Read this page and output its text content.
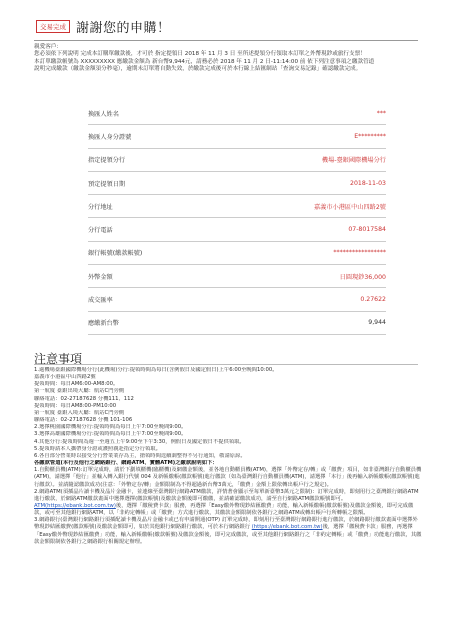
交易完成 謝謝您的申購！
親愛客戶：
您必須依下列說明 完成本訂購單繳款後，才可於 指定提領日 2018 年 11 月 3 日 至所述提領分行領取本訂單之外幣現鈔或旅行支票！
本訂單繳款帳號為 XXXXXXXXX 應繳款金額為 新台幣9,944元，請務必於 2018 年 11 月 2 日-11:14:00 前 依下列注意事項之繳款管道
說明完成繳款（繳款金額須分秒毫），逾期未訂單將自動失效，於繳款完成後可於本行線上結匯網站「查詢交易記錄」確認繳款完成。
換匯人姓名	***
換匯人身分證號	E*********
指定提領分行	機場-臺銀國際機場分行
預定提領日期	2018-11-03
分行地址	嘉義市小港區中山四路2號
分行電話	07-8017584
銀行帳號(繳款帳號)	*****************
外幣金額	日圓現鈔36,000
成交匯率	0.27622
應繳新台幣	9,944
注意事項
1.逾機場臺銀國際機場分行(此機場)分行:提領時間為每日(含例假日及國定假日)上午6:00至晚間10:00。
嘉義市小港區中山四路2號
提領時間：每日AM6:00-AM8:00。
第一航廈 臺銀出境大廳：航站C門旁側
聯絡電話：02-27187628 分機111、112
提領時間：每日AM8:00-PM10:00
第一航廈 臺銀入境大廳：航站C門旁側
聯絡電話：02-27187628 分機 101-106
2.選擇桃園國際機場分行:提領時間為每日上午7:00至晚間9:00。
3.選擇高雄國際機場分行:提領時間為每日上午7:00至晚間9:00。
4.其他分行:提領時間為週一至週五上午9:00至下午3:30，例假日及國定假日不提供領取。
5.提領時請本人攜帶身分證或護照親赴指定分行領取。
6.各自部分營業時以接受分行營業業存為主，搶領時間逕續調整得不另行通知，敬請原諒。
各繳款管道(本行及他行之網路銀行、網路ATM、實體ATM)之繳款說明如下：
1.自動櫃員機(ATM):訂單完成時，請於下劃填櫃機(臨櫃機)及網繳金額後，並各地自動櫃員機(ATM)，選擇「外幣定存/轉」或「繳費」項目，如非臺灣銀行自動櫃員機(ATM)，請選擇「他行」並輸入轉入銀行代號 004 及新帳繳帳(繳款帳號)進行繳款（如為臺灣銀行自動櫃員機(ATM)，請選擇「本行」後再輸入新帳繳帳(繳款帳號)進行繳款）。並請隨認繳款成功(注意：「外幣定存/轉」金額限制為不得超過新台幣3萬元，「繳費」金額上限依轉出帳戶行之規定)。
2.網路ATM(須插晶片讀卡機及晶片金融卡，並連線至臺灣銀行網路ATM繳款，詳情著會顯示至每單新臺幣3萬元之限制)：訂單完成時，即刻用行之臺灣銀行網路ATM進行繳款，於網路ATM繳款畫面中選擇選擇(繳款帳號)及繳款金額後即可繳繳，並請確認繳款成功，請至自行網路ATM繳款帳號即可。 ATM(https://ebank.bot.com.tw)後，選擇「繳稅費卡款」服務，再選擇「Easy繳外幣現鈔結匯繳費」功能，輸入新帳繳帳(繳款帳號)及繳款金額後，即可完成繳款，或可至其他銀行網路ATM，以「非約定轉帳」或「繳費」方式進行繳款，其繳款金額限制依各銀行之網路ATM或轉出帳戶行所轉帳之限額。
3.網路銀行(臺灣銀行網路銀行須插配讀卡機及晶片金融卡或已有申請開通(OTP) 訂單完成時，即刻用行至臺灣銀行網路銀行進行繳款，於網路銀行繳款畫面中選擇外幣現鈔結匯繳費(繳款帳號)及繳款金額即可，如於其他銀行網路銀行繳款，可於本行網路銀行 (https://ebank.bot.com.tw)後，選擇「繳稅費卡款」服務，再選擇「Easy繳外幣現鈔結匯繳費」功能，輸入新帳繳帳(繳款帳號)及繳款金額後，即可完成繳款，或至其他銀行網路銀行之「非約定轉帳」或「繳費」功能進行繳款，其繳款金額限制依各銀行之網路銀行相關規定辦理。
